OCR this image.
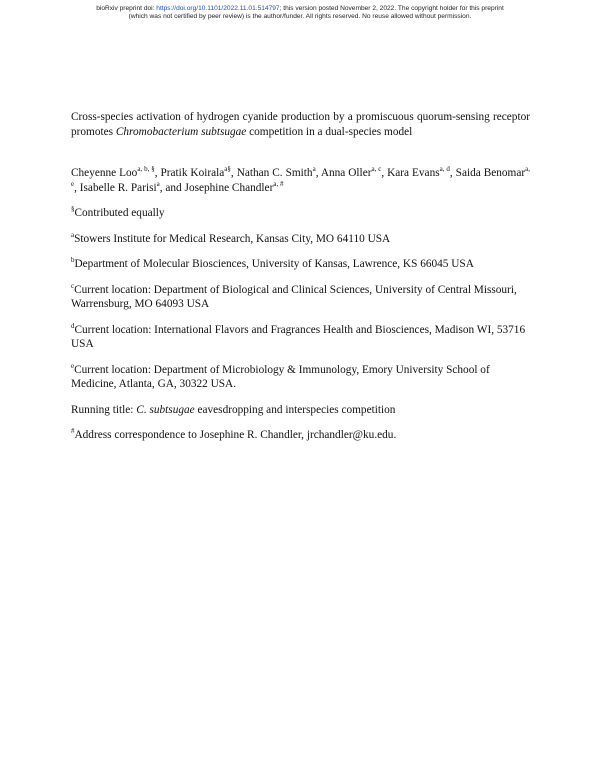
bioRxiv preprint doi: https://doi.org/10.1101/2022.11.01.514797; this version posted November 2, 2022. The copyright holder for this preprint
(which was not certified by peer review) is the author/funder. All rights reserved. No reuse allowed without permission.

Cross-species activation of hydrogen cyanide production by a promiscuous quorum-sensing receptor promotes Chromobacterium subtsugae competition in a dual-species model

Cheyenne Loo$^{a, b, \S}$, Pratik Koirala$^{a\S}$, Nathan C. Smith$^a$, Anna Oller$^{a, c}$, Kara Evans$^{a, d}$, Saida Benomar$^{a, e}$, Isabelle R. Parisi$^a$, and Josephine Chandler$^{a, \#}$

§Contributed equally

$^a$Stowers Institute for Medical Research, Kansas City, MO 64110 USA

$^b$Department of Molecular Biosciences, University of Kansas, Lawrence, KS 66045 USA

$^c$Current location: Department of Biological and Clinical Sciences, University of Central Missouri, Warrensburg, MO 64093 USA

$^d$Current location: International Flavors and Fragrances Health and Biosciences, Madison WI, 53716 USA

$^e$Current location: Department of Microbiology & Immunology, Emory University School of Medicine, Atlanta, GA, 30322 USA.

Running title: C. subtsugae eavesdropping and interspecies competition

#Address correspondence to Josephine R. Chandler, jrchandler@ku.edu.
